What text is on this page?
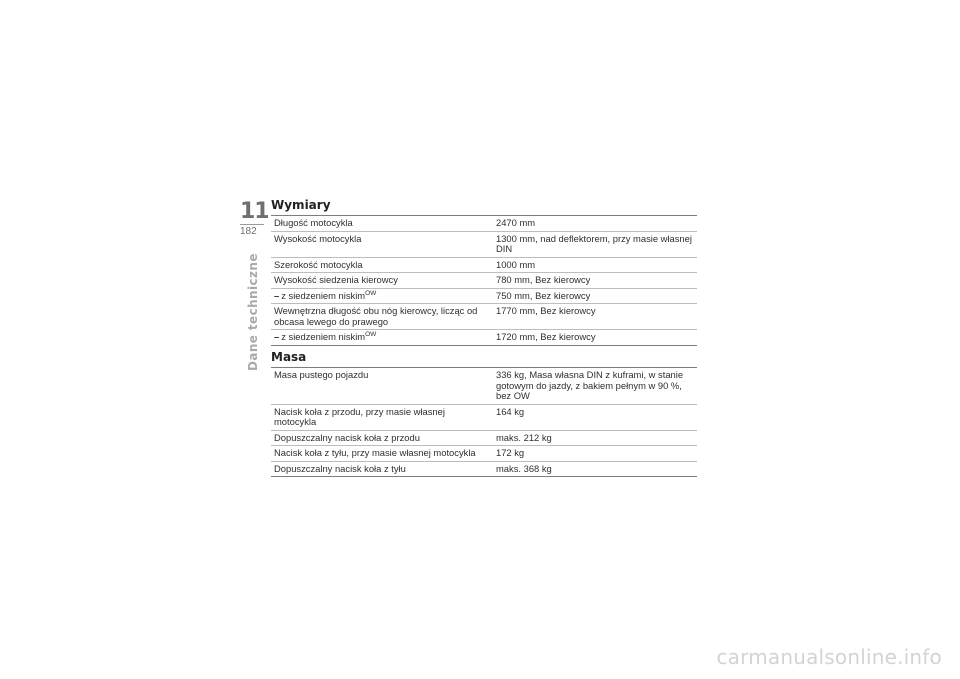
11
182
Dane techniczne
Wymiary
Długość motocykla	2470 mm
Wysokość motocykla	1300 mm, nad deflektorem, przy masie własnej DIN
Szerokość motocykla	1000 mm
Wysokość siedzenia kierowcy	780 mm, Bez kierowcy
– z siedzeniem niskim$^{OW}$	750 mm, Bez kierowcy
Wewnętrzna długość obu nóg kierowcy, licząc od obcasa lewego do prawego	1770 mm, Bez kierowcy
– z siedzeniem niskim$^{OW}$	1720 mm, Bez kierowcy
Masa
Masa pustego pojazdu	336 kg, Masa własna DIN z kuframi, w stanie gotowym do jazdy, z bakiem pełnym w 90 %, bez OW
Nacisk koła z przodu, przy masie własnej motocykla	164 kg
Dopuszczalny nacisk koła z przodu	maks. 212 kg
Nacisk koła z tyłu, przy masie własnej motocykla	172 kg
Dopuszczalny nacisk koła z tyłu	maks. 368 kg
carmanualsonline.info
